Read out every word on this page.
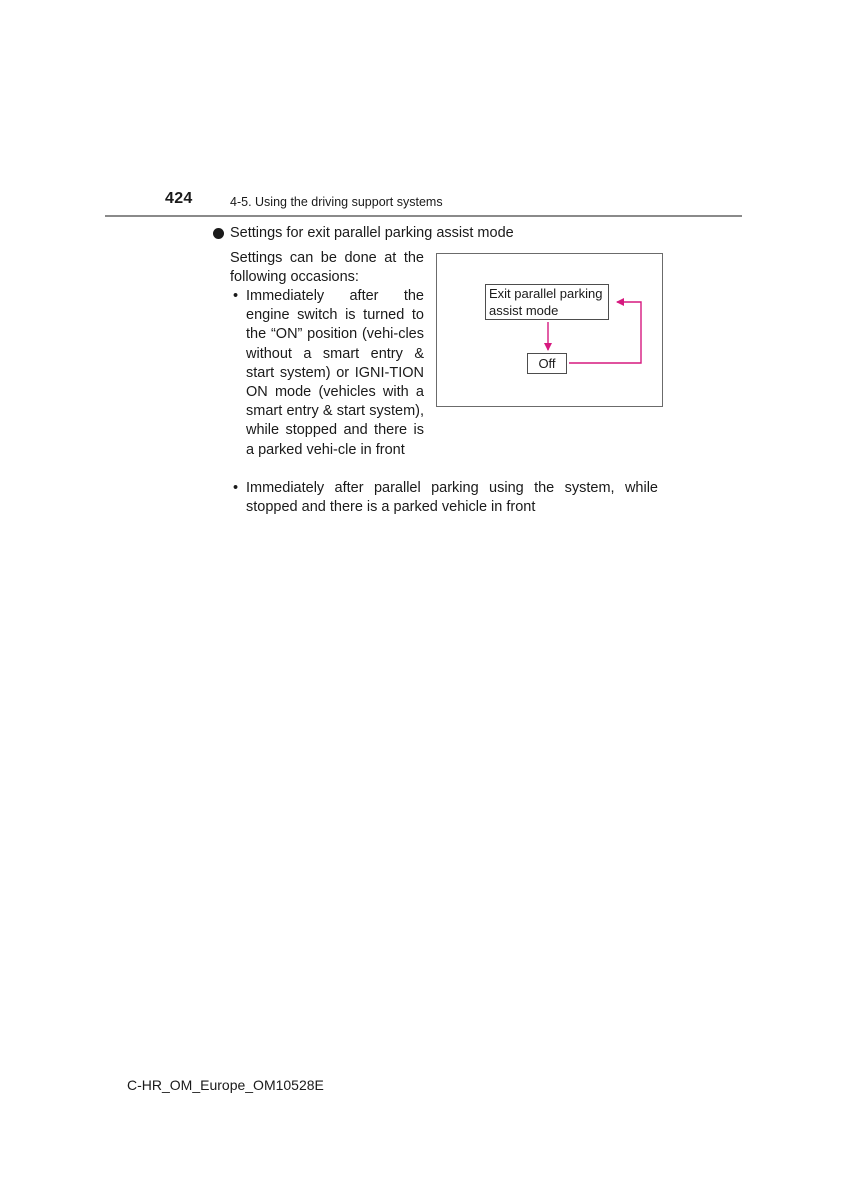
424	4-5. Using the driving support systems
Settings for exit parallel parking assist mode

Settings can be done at the following occasions:

• Immediately after the engine switch is turned to the “ON” position (vehi-cles without a smart entry & start system) or IGNI-TION ON mode (vehicles with a smart entry & start system), while stopped and there is a parked vehi-cle in front
• Immediately after parallel parking using the system, while stopped and there is a parked vehicle in front
Exit parallel parking assist mode
Off
C-HR_OM_Europe_OM10528E
